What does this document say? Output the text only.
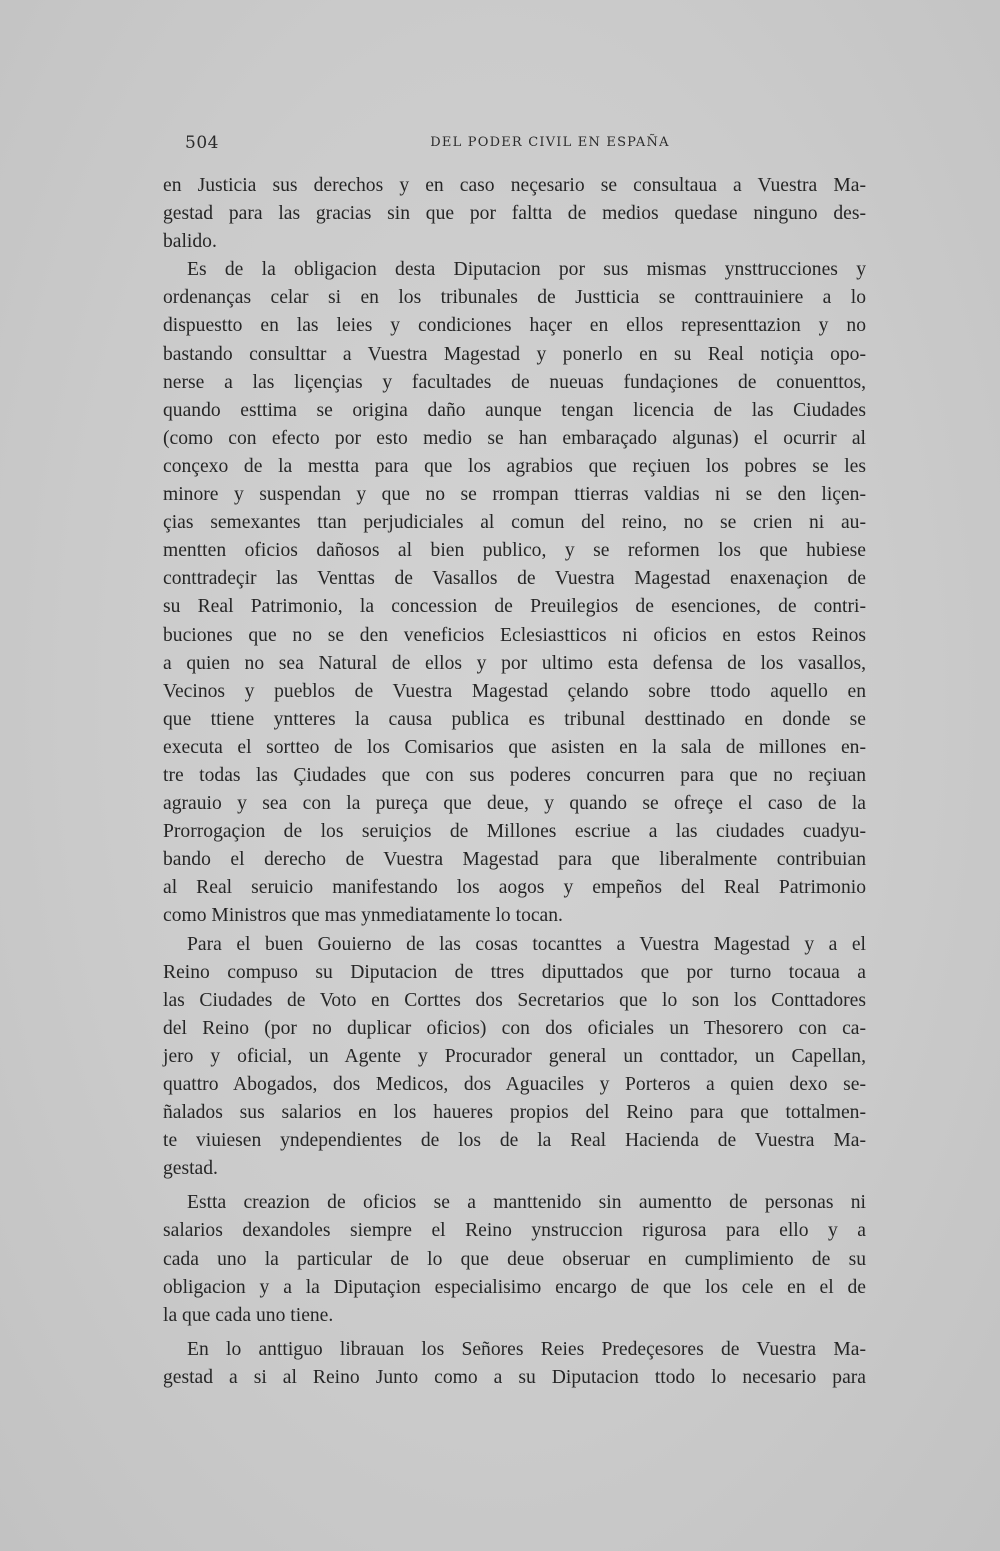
504	DEL PODER CIVIL EN ESPAÑA
en Justicia sus derechos y en caso neçesario se consultaua a Vuestra Ma-
gestad para las gracias sin que por faltta de medios quedase ninguno des-
balido.
Es de la obligacion desta Diputacion por sus mismas ynsttrucciones y
ordenanças celar si en los tribunales de Justticia se conttrauiniere a lo
dispuestto en las leies y condiciones haçer en ellos representtazion y no
bastando consulttar a Vuestra Magestad y ponerlo en su Real notiçia opo-
nerse a las liçençias y facultades de nueuas fundaçiones de conuenttos,
quando esttima se origina daño aunque tengan licencia de las Ciudades
(como con efecto por esto medio se han embaraçado algunas) el ocurrir al
conçexo de la mestta para que los agrabios que reçiuen los pobres se les
minore y suspendan y que no se rrompan ttierras valdias ni se den liçen-
çias semexantes ttan perjudiciales al comun del reino, no se crien ni au-
mentten oficios dañosos al bien publico, y se reformen los que hubiese
conttradeçir las Venttas de Vasallos de Vuestra Magestad enaxenaçion de
su Real Patrimonio, la concession de Preuilegios de esenciones, de contri-
buciones que no se den veneficios Eclesiastticos ni oficios en estos Reinos
a quien no sea Natural de ellos y por ultimo esta defensa de los vasallos,
Vecinos y pueblos de Vuestra Magestad çelando sobre ttodo aquello en
que ttiene yntteres la causa publica es tribunal desttinado en donde se
executa el sortteo de los Comisarios que asisten en la sala de millones en-
tre todas las Çiudades que con sus poderes concurren para que no reçiuan
agrauio y sea con la pureça que deue, y quando se ofreçe el caso de la
Prorrogaçion de los seruiçios de Millones escriue a las ciudades cuadyu-
bando el derecho de Vuestra Magestad para que liberalmente contribuian
al Real seruicio manifestando los aogos y empeños del Real Patrimonio
como Ministros que mas ynmediatamente lo tocan.
Para el buen Gouierno de las cosas tocanttes a Vuestra Magestad y a el
Reino compuso su Diputacion de ttres diputtados que por turno tocaua a
las Ciudades de Voto en Corttes dos Secretarios que lo son los Conttadores
del Reino (por no duplicar oficios) con dos oficiales un Thesorero con ca-
jero y oficial, un Agente y Procurador general un conttador, un Capellan,
quattro Abogados, dos Medicos, dos Aguaciles y Porteros a quien dexo se-
ñalados sus salarios en los haueres propios del Reino para que tottalmen-
te viuiesen yndependientes de los de la Real Hacienda de Vuestra Ma-
gestad.
Estta creazion de oficios se a manttenido sin aumentto de personas ni
salarios dexandoles siempre el Reino ynstruccion rigurosa para ello y a
cada uno la particular de lo que deue obseruar en cumplimiento de su
obligacion y a la Diputaçion especialisimo encargo de que los cele en el de
la que cada uno tiene.
En lo anttiguo librauan los Señores Reies Predeçesores de Vuestra Ma-
gestad a si al Reino Junto como a su Diputacion ttodo lo necesario para
